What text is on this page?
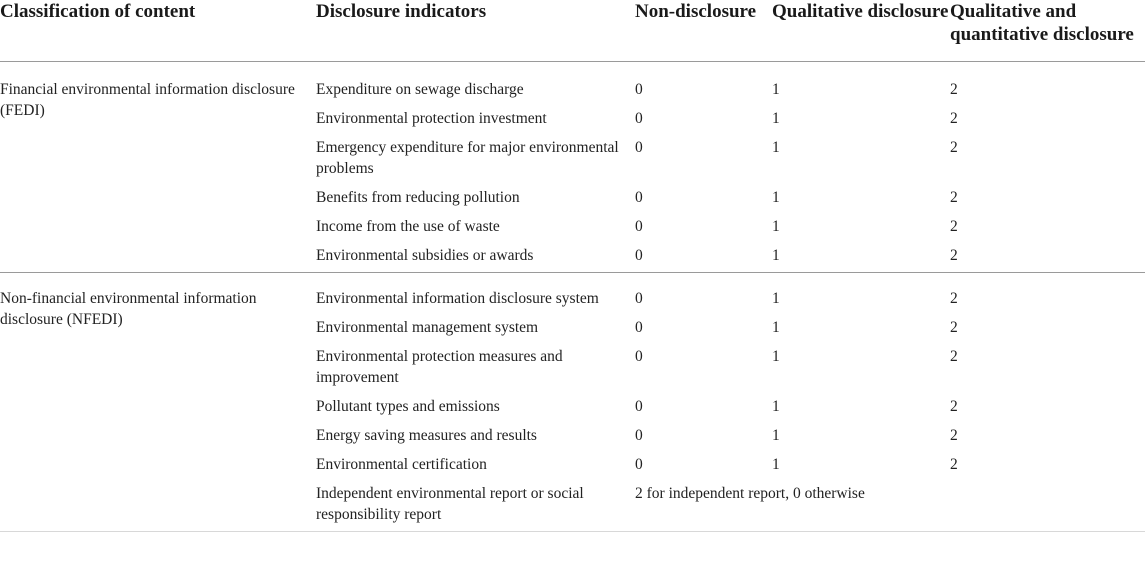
Classification of content	Disclosure indicators	Non-disclosure	Qualitative disclosure	Qualitative and quantitative disclosure
Financial environmental information disclosure (FEDI)	Expenditure on sewage discharge	0	1	2
	Environmental protection investment	0	1	2
	Emergency expenditure for major environmental problems	0	1	2
	Benefits from reducing pollution	0	1	2
	Income from the use of waste	0	1	2
	Environmental subsidies or awards	0	1	2
Non-financial environmental information disclosure (NFEDI)	Environmental information disclosure system	0	1	2
	Environmental management system	0	1	2
	Environmental protection measures and improvement	0	1	2
	Pollutant types and emissions	0	1	2
	Energy saving measures and results	0	1	2
	Environmental certification	0	1	2
	Independent environmental report or social responsibility report	2 for independent report, 0 otherwise		
